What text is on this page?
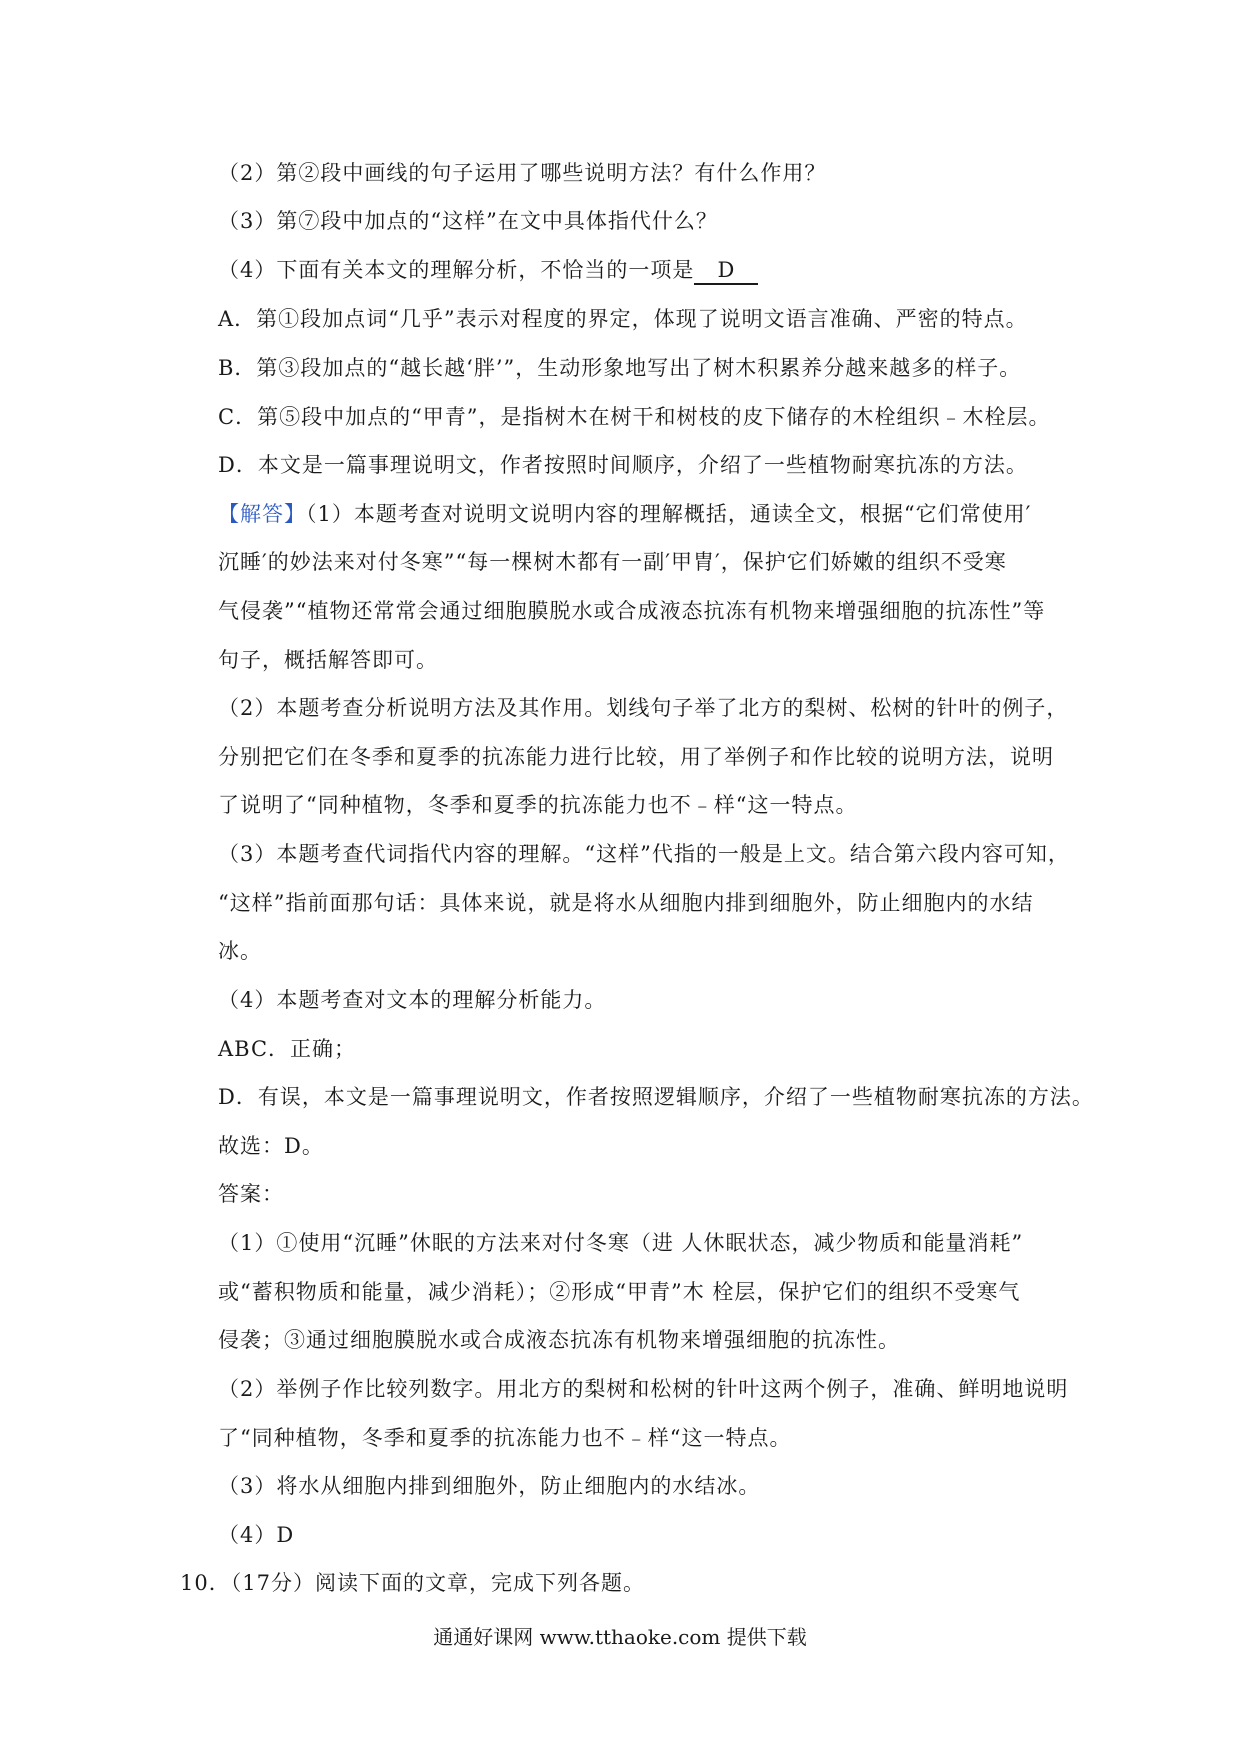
（2）第②段中画线的句子运用了哪些说明方法？有什么作用？
（3）第⑦段中加点的“这样”在文中具体指代什么？
（4）下面有关本文的理解分析，不恰当的一项是 D
A．第①段加点词“几乎”表示对程度的界定，体现了说明文语言准确、严密的特点。
B．第③段加点的“越长越‘胖’”，生动形象地写出了树木积累养分越来越多的样子。
C．第⑤段中加点的“甲青”，是指树木在树干和树枝的皮下储存的木栓组织﹣木栓层。
D．本文是一篇事理说明文，作者按照时间顺序，介绍了一些植物耐寒抗冻的方法。
【解答】（1）本题考查对说明文说明内容的理解概括，通读全文，根据“它们常使用′
沉睡′的妙法来对付冬寒”“每一棵树木都有一副′甲胄′，保护它们娇嫩的组织不受寒
气侵袭”“植物还常常会通过细胞膜脱水或合成液态抗冻有机物来增强细胞的抗冻性”等
句子，概括解答即可。
（2）本题考查分析说明方法及其作用。划线句子举了北方的梨树、松树的针叶的例子，
分别把它们在冬季和夏季的抗冻能力进行比较，用了举例子和作比较的说明方法，说明
了说明了“同种植物，冬季和夏季的抗冻能力也不﹣样“这一特点。
（3）本题考查代词指代内容的理解。“这样”代指的一般是上文。结合第六段内容可知，
“这样”指前面那句话：具体来说，就是将水从细胞内排到细胞外，防止细胞内的水结
冰。
（4）本题考查对文本的理解分析能力。
ABC．正确；
D．有误，本文是一篇事理说明文，作者按照逻辑顺序，介绍了一些植物耐寒抗冻的方法。
故选：D。
答案：
（1）①使用“沉睡”休眠的方法来对付冬寒（进 人休眠状态，减少物质和能量消耗”
或“蓄积物质和能量，减少消耗）；②形成“甲青”木 栓层，保护它们的组织不受寒气
侵袭；③通过细胞膜脱水或合成液态抗冻有机物来增强细胞的抗冻性。
（2）举例子作比较列数字。用北方的梨树和松树的针叶这两个例子，准确、鲜明地说明
了“同种植物，冬季和夏季的抗冻能力也不﹣样“这一特点。
（3）将水从细胞内排到细胞外，防止细胞内的水结冰。
（4）D
10．（17分）阅读下面的文章，完成下列各题。
通通好课网 www.tthaoke.com 提供下载
